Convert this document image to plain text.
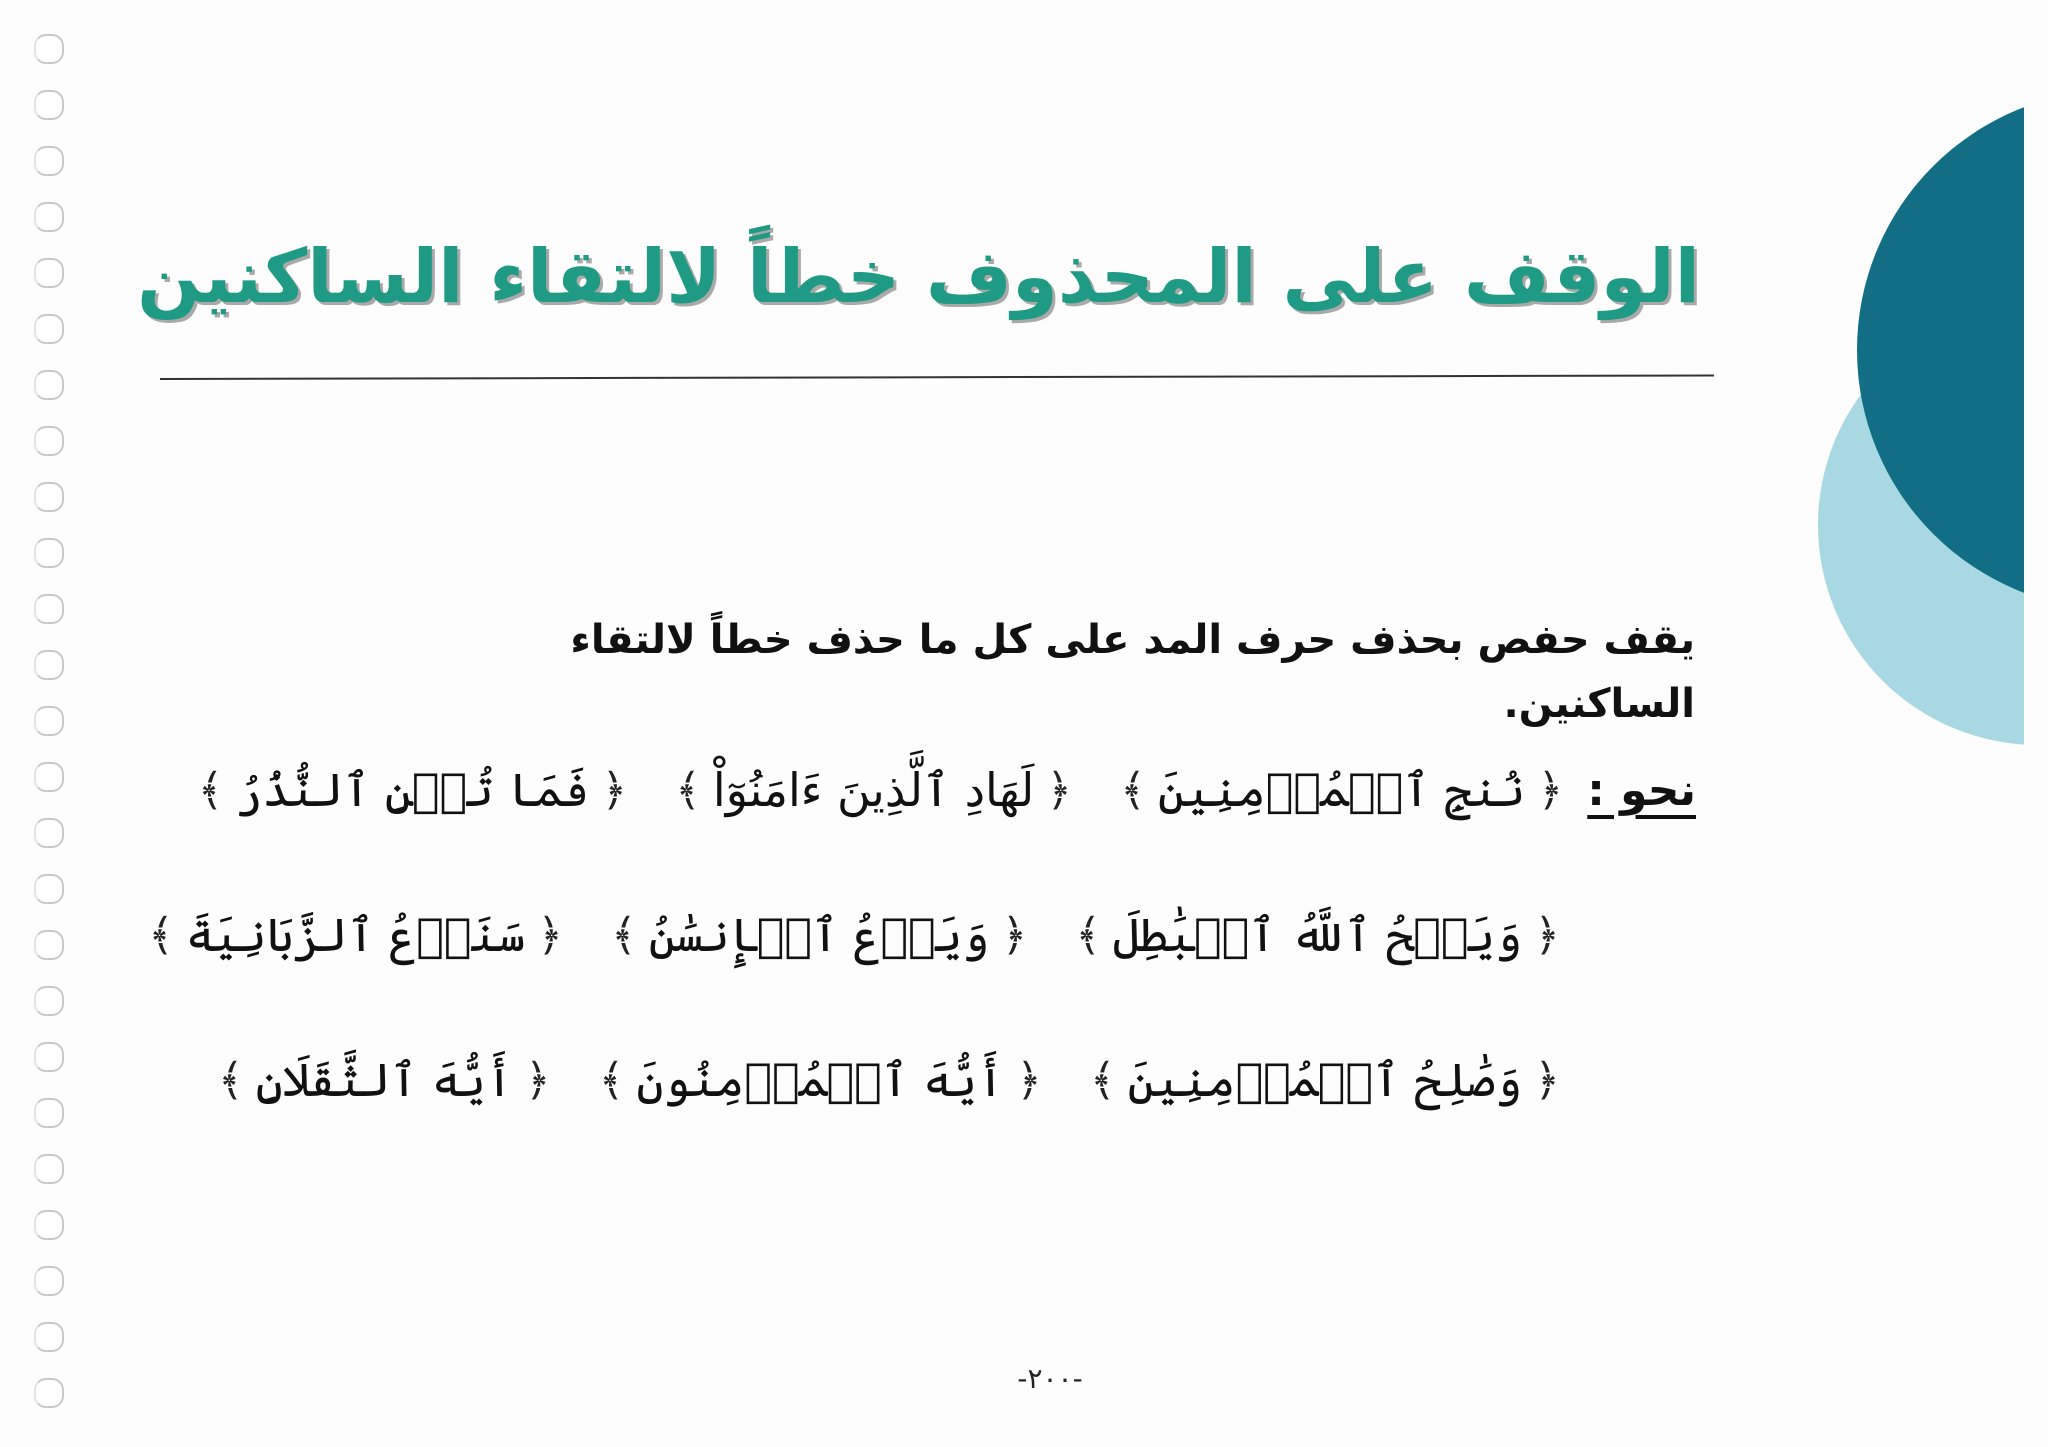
الوقف على المحذوف خطاً لالتقاء الساكنين
يقف حفص بحذف حرف المد على كل ما حذف خطاً لالتقاء
الساكنين.
نحو :
﴿
نُنجِ ٱلۡمُؤۡمِنِينَ
﴾
﴿
لَهَادِ ٱلَّذِينَ ءَامَنُوٓاْ
﴾
﴿
فَمَا تُغۡنِ ٱلنُّذُرُ
﴾
﴿
وَيَمۡحُ ٱللَّهُ ٱلۡبَٰطِلَ
﴾
﴿
وَيَدۡعُ ٱلۡإِنسَٰنُ
﴾
﴿
سَنَدۡعُ ٱلزَّبَانِيَةَ
﴾
﴿
وَصَٰلِحُ ٱلۡمُؤۡمِنِينَ
﴾
﴿
أَيُّهَ ٱلۡمُؤۡمِنُونَ
﴾
﴿
أَيُّهَ ٱلثَّقَلَانِ
﴾
-٢٠٠-
